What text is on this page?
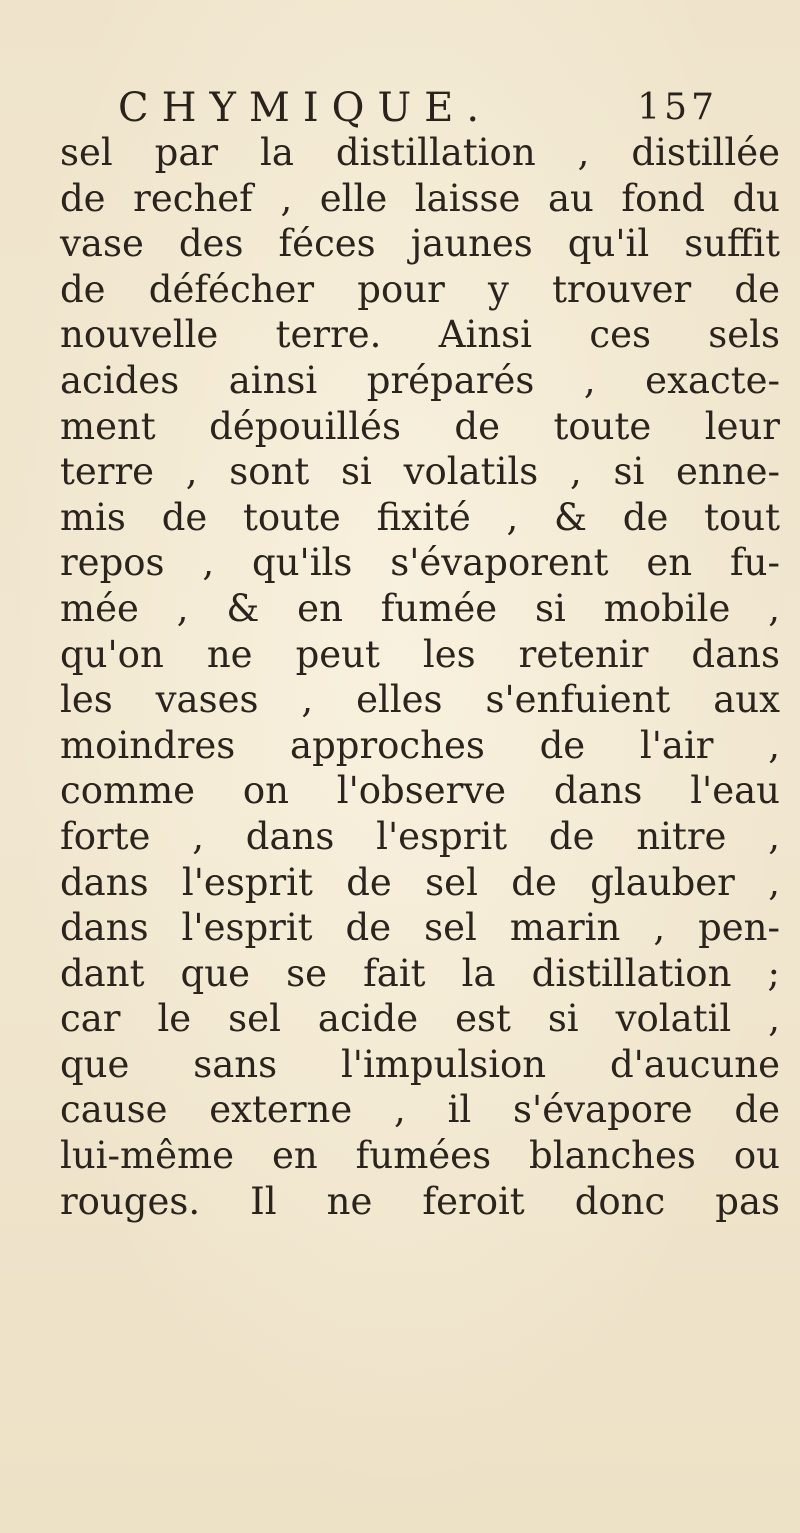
CHYMIQUE.	157
sel par la distillation , distillée
de rechef , elle laisse au fond du
vase des féces jaunes qu'il suffit
de défécher pour y trouver de
nouvelle terre. Ainsi ces sels
acides ainsi préparés , exacte-
ment dépouillés de toute leur
terre , sont si volatils , si enne-
mis de toute fixité , & de tout
repos , qu'ils s'évaporent en fu-
mée , & en fumée si mobile ,
qu'on ne peut les retenir dans
les vases , elles s'enfuient aux
moindres approches de l'air ,
comme on l'observe dans l'eau
forte , dans l'esprit de nitre ,
dans l'esprit de sel de glauber ,
dans l'esprit de sel marin , pen-
dant que se fait la distillation ;
car le sel acide est si volatil ,
que sans l'impulsion d'aucune
cause externe , il s'évapore de
lui-même en fumées blanches ou
rouges. Il ne feroit donc pas
